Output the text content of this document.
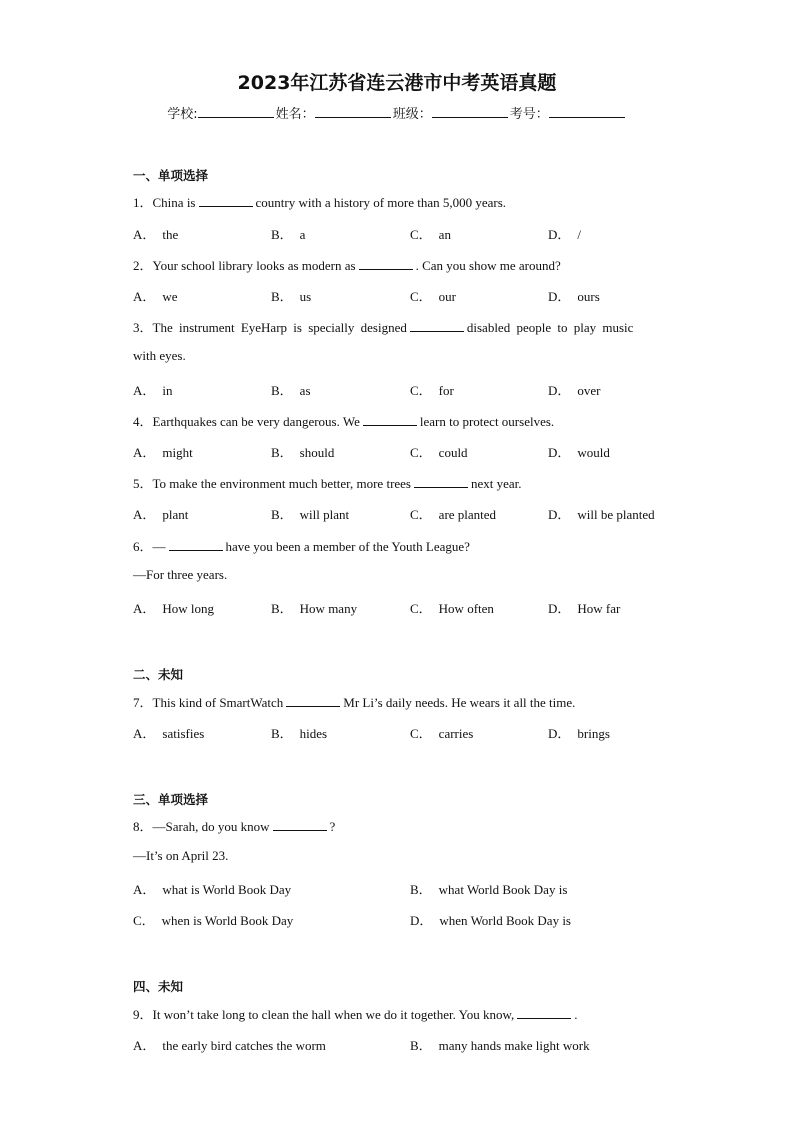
2023年江苏省连云港市中考英语真题
学校:	姓名：	班级：	考号：
一、单项选择
1．China is	country with a history of more than 5,000 years.
A． the	B． a	C． an	D． /
2．Your school library looks as modern as	. Can you show me around?
A． we	B． us	C． our	D． ours
3．The instrument EyeHarp is specially designed	disabled people to play music
with eyes.
A． in	B． as	C． for	D． over
4．Earthquakes can be very dangerous. We	learn to protect ourselves.
A． might	B． should	C． could	D． would
5．To make the environment much better, more trees	next year.
A． plant	B． will plant	C． are planted	D． will be planted
6．—	have you been a member of the Youth League?
—For three years.
A． How long	B． How many	C． How often	D． How far
二、未知
7．This kind of SmartWatch	Mr Li’s daily needs. He wears it all the time.
A． satisfies	B． hides	C． carries	D． brings
三、单项选择
8．—Sarah, do you know	?
—It’s on April 23.
A． what is World Book Day	B． what World Book Day is
C． when is World Book Day	D． when World Book Day is
四、未知
9．It won’t take long to clean the hall when we do it together. You know,	.
A． the early bird catches the worm	B． many hands make light work
